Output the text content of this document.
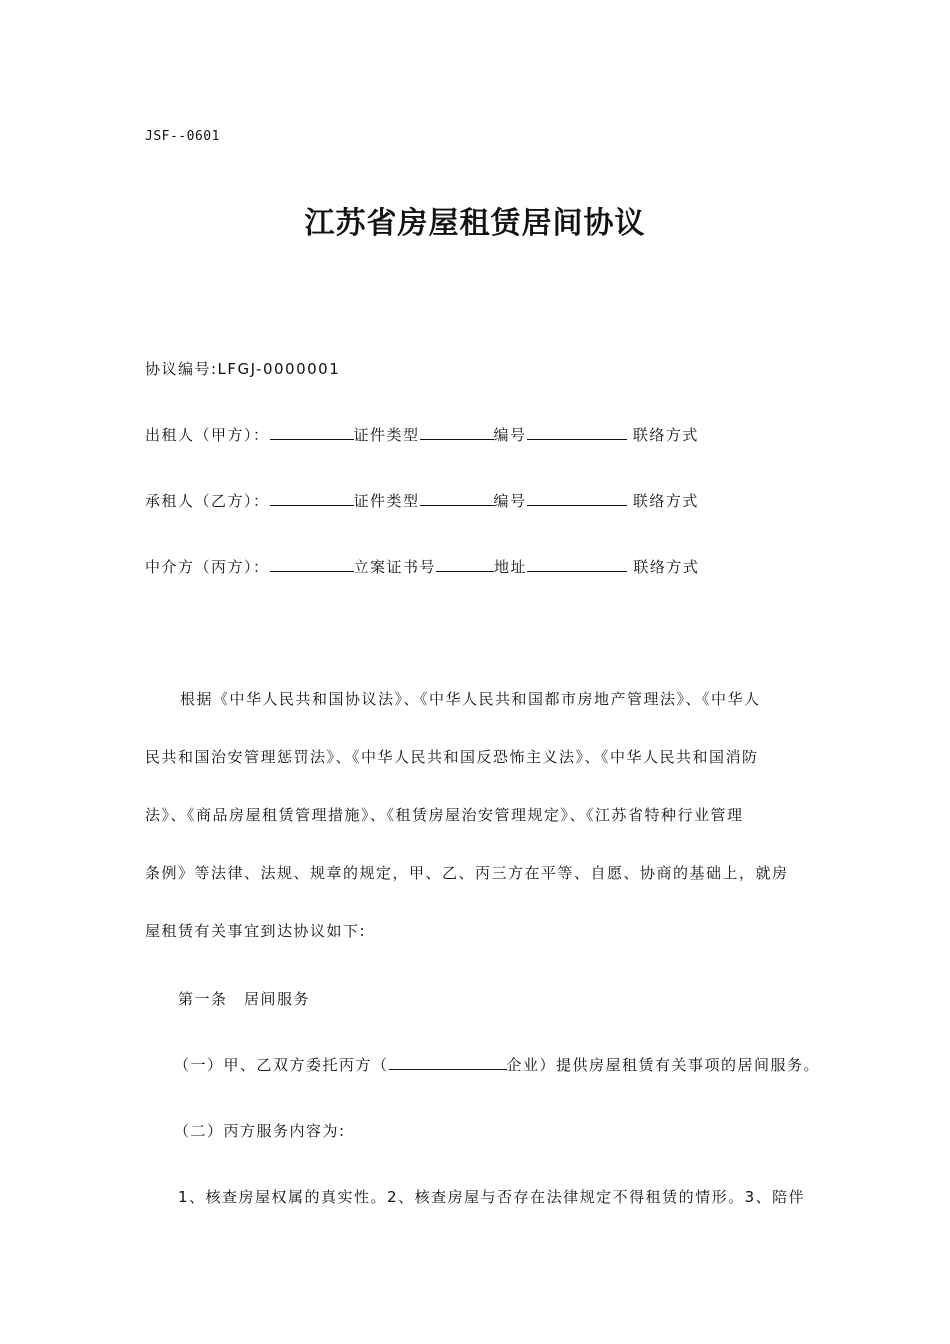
JSF--0601
江苏省房屋租赁居间协议
协议编号:LFGJ-0000001
出租人（甲方）：	证件类型	编号	联络方式
承租人（乙方）：	证件类型	编号	联络方式
中介方（丙方）：	立案证书号	地址	联络方式
根据《中华人民共和国协议法》、《中华人民共和国都市房地产管理法》、《中华人
民共和国治安管理惩罚法》、《中华人民共和国反恐怖主义法》、《中华人民共和国消防
法》、《商品房屋租赁管理措施》、《租赁房屋治安管理规定》、《江苏省特种行业管理
条例》等法律、法规、规章的规定，甲、乙、丙三方在平等、自愿、协商的基础上，就房
屋租赁有关事宜到达协议如下:
第一条　居间服务
（一）甲、乙双方委托丙方（	企业）提供房屋租赁有关事项的居间服务。
（二）丙方服务内容为:
1、核查房屋权属的真实性。2、核查房屋与否存在法律规定不得租赁的情形。3、陪伴
